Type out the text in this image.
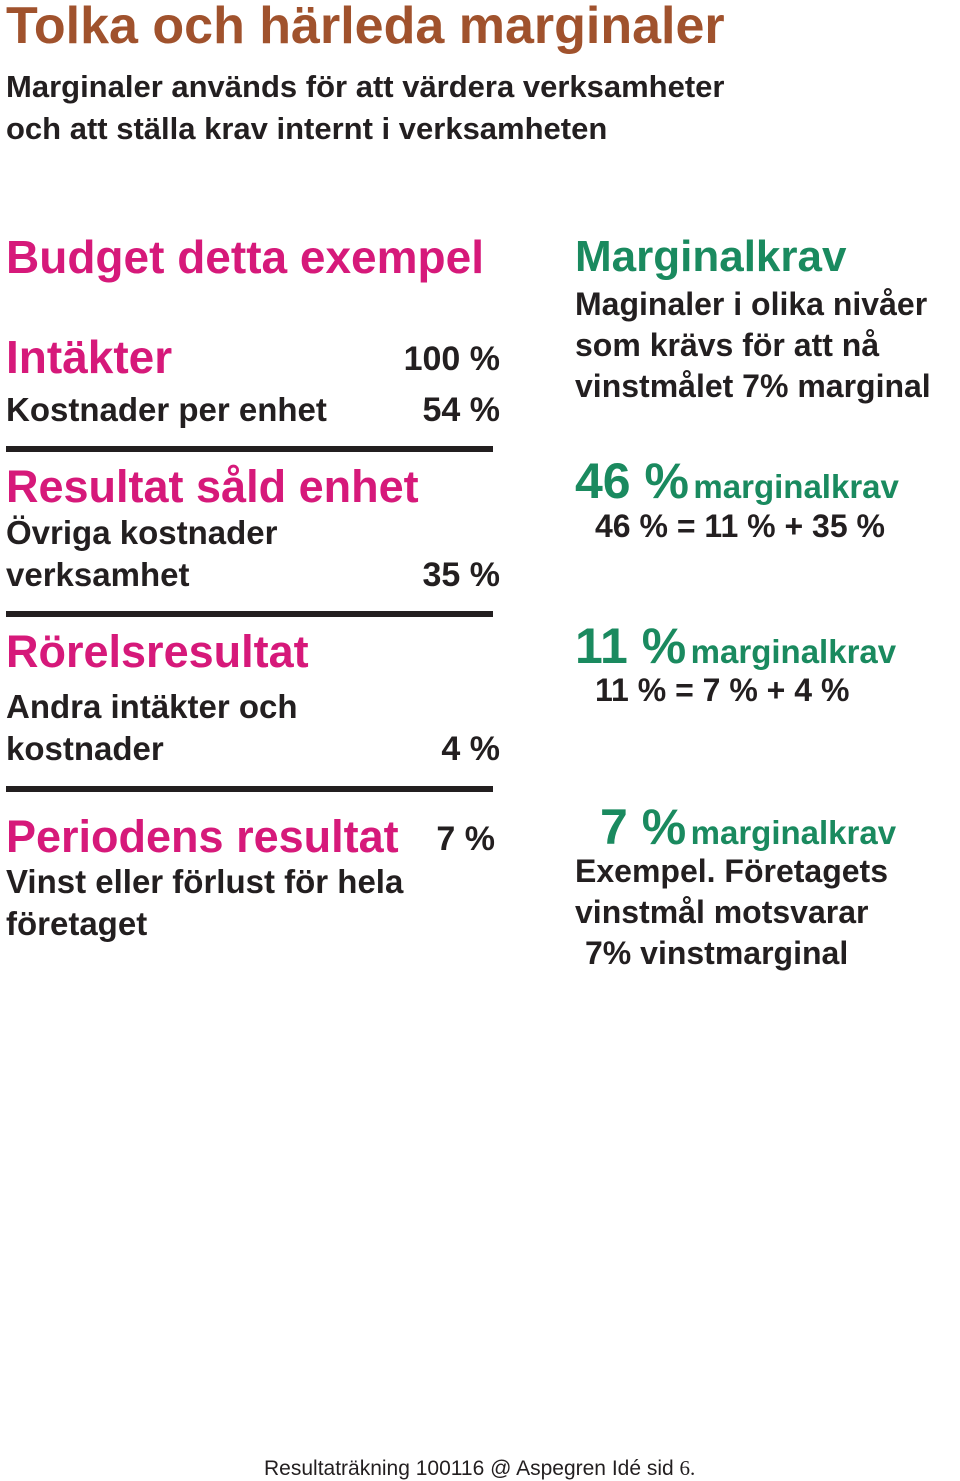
Tolka och härleda marginaler
Marginaler används för att värdera verksamheter
och att ställa krav internt i verksamheten
Budget detta exempel
Intäkter	100 %
Kostnader per enhet	54 %
Resultat såld enhet
Övriga kostnader
verksamhet	35 %
Rörelsresultat
Andra intäkter och
kostnader	4 %
Periodens resultat	7 %
Vinst eller förlust för hela
företaget
Marginalkrav
Maginaler i olika nivåer
som krävs för att nå
vinstmålet 7% marginal
46 % marginalkrav
46 % = 11 % + 35 %
11 % marginalkrav
11 % = 7 % + 4 %
7 % marginalkrav
Exempel. Företagets
vinstmål motsvarar
7% vinstmarginal
Resultaträkning 100116 @ Aspegren Idé sid 6.
